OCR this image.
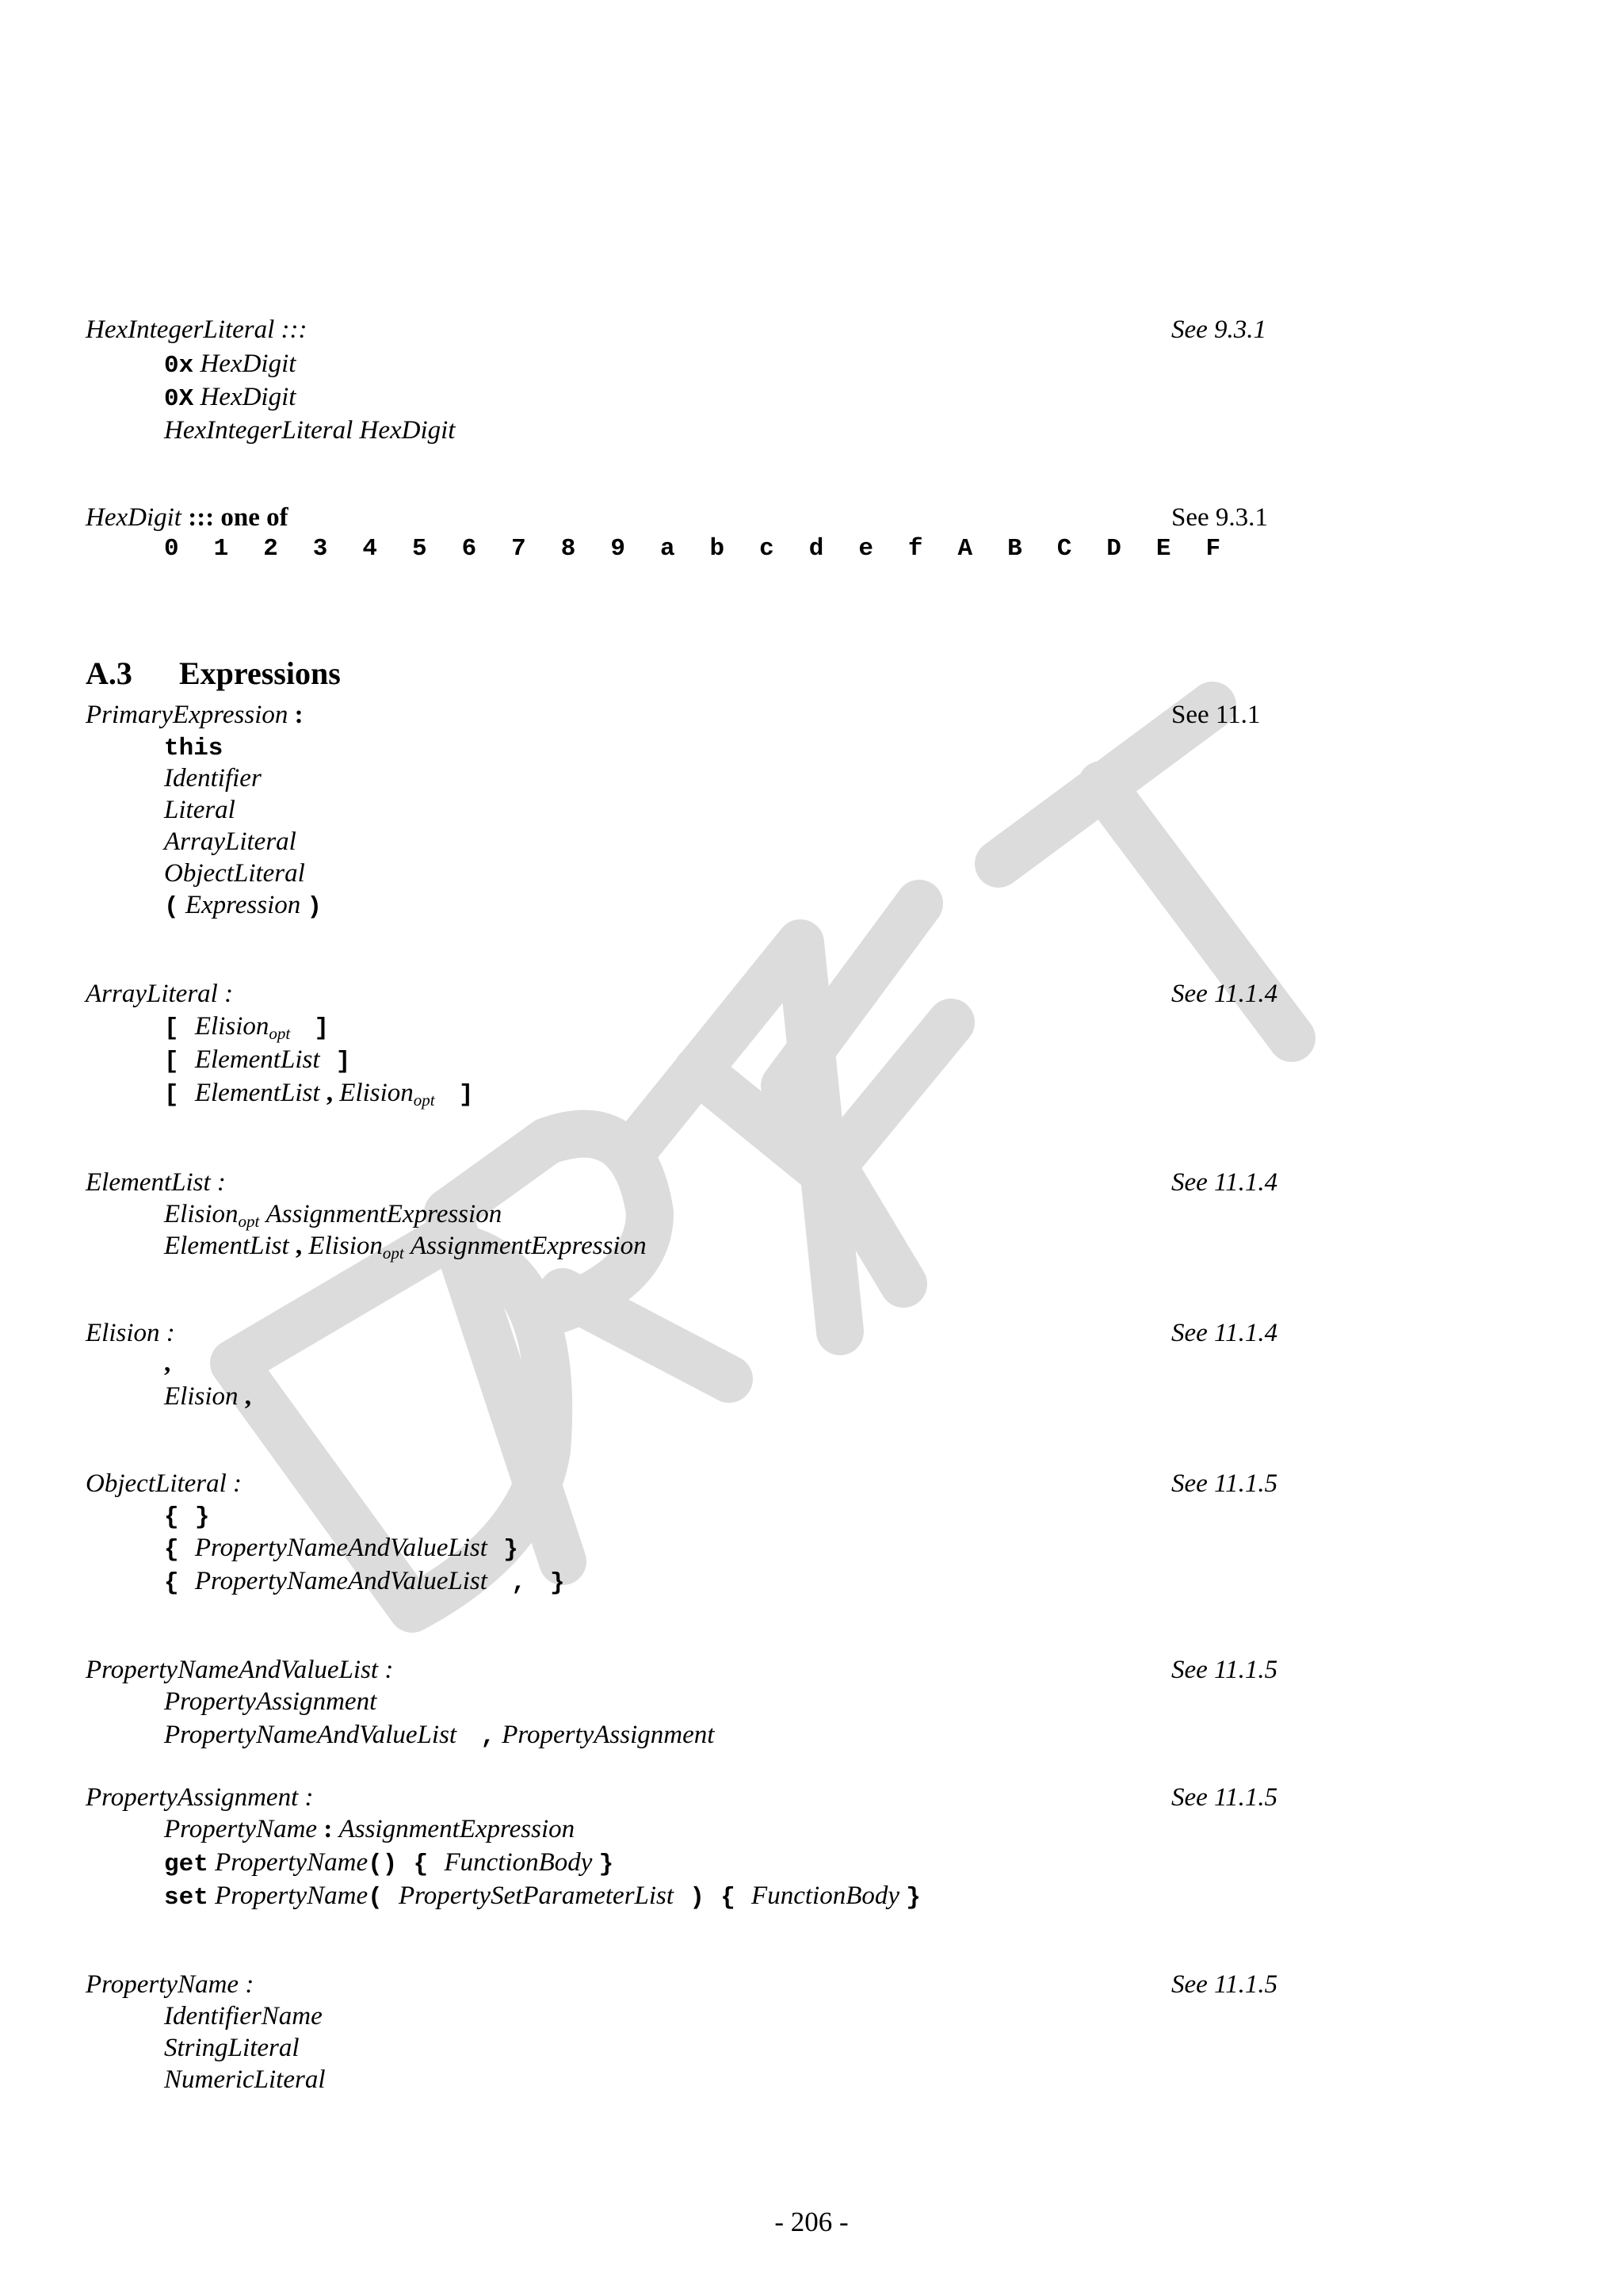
HexIntegerLiteral :::	See 9.3.1
0x HexDigit
0X HexDigit
HexIntegerLiteral HexDigit
HexDigit ::: one of	See 9.3.1
0 1 2 3 4 5 6 7 8 9 a b c d e f A B C D E F
A.3 Expressions
PrimaryExpression :	See 11.1
this
Identifier
Literal
ArrayLiteral
ObjectLiteral
( Expression )
ArrayLiteral :	See 11.1.4
[ Elision$_{opt}$ ]
[ ElementList ]
[ ElementList , Elision$_{opt}$ ]
ElementList :	See 11.1.4
Elision$_{opt}$ AssignmentExpression
ElementList , Elision$_{opt}$ AssignmentExpression
Elision :	See 11.1.4
,
Elision ,
ObjectLiteral :	See 11.1.5
{ }
{ PropertyNameAndValueList }
{ PropertyNameAndValueList , }
PropertyNameAndValueList :	See 11.1.5
PropertyAssignment
PropertyNameAndValueList , PropertyAssignment
PropertyAssignment :	See 11.1.5
PropertyName : AssignmentExpression
get PropertyName() { FunctionBody }
set PropertyName( PropertySetParameterList ) { FunctionBody }
PropertyName :	See 11.1.5
IdentifierName
StringLiteral
NumericLiteral
- 206 -
